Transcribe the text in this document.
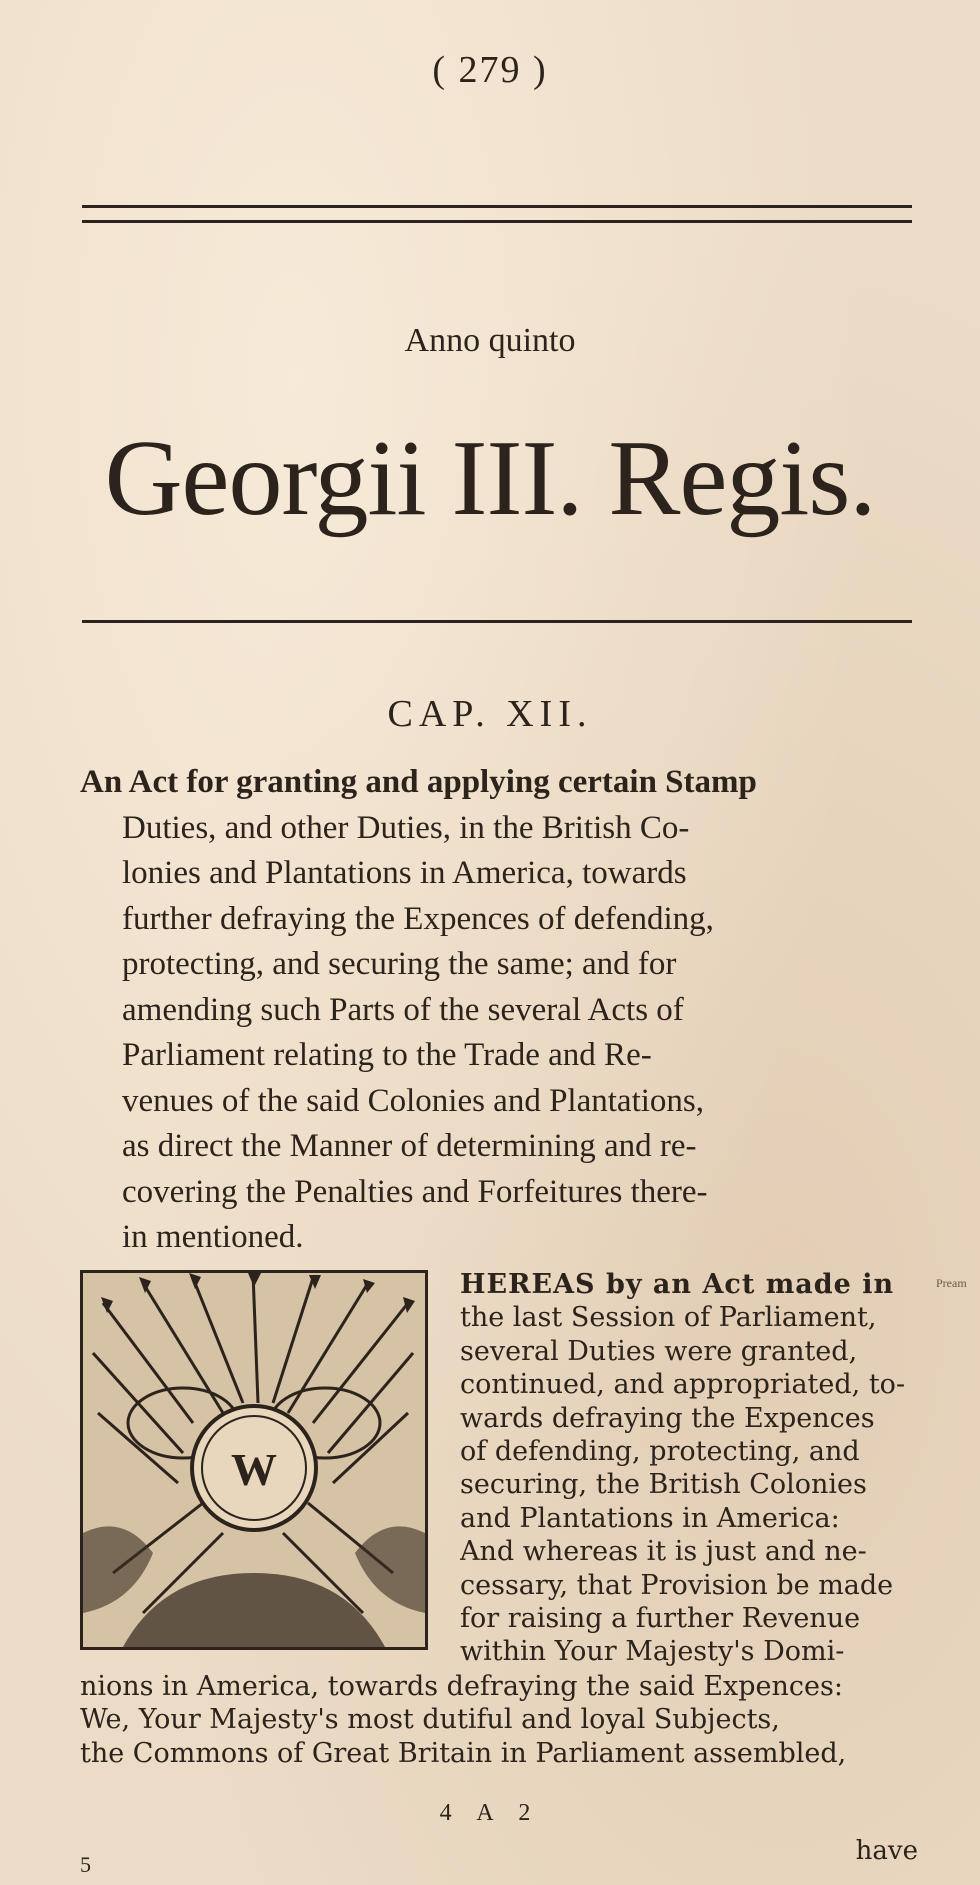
( 279 )
Anno quinto
Georgii III. Regis.
CAP. XII.
An Act for granting and applying certain Stamp
Duties, and other Duties, in the British Co-
lonies and Plantations in America, towards
further defraying the Expences of defending,
protecting, and securing the same; and for
amending such Parts of the several Acts of
Parliament relating to the Trade and Re-
venues of the said Colonies and Plantations,
as direct the Manner of determining and re-
covering the Penalties and Forfeitures there-
in mentioned.
W
HEREAS by an Act made in
the last Session of Parliament,
several Duties were granted,
continued, and appropriated, to-
wards defraying the Expences
of defending, protecting, and
securing, the British Colonies
and Plantations in America:
And whereas it is just and ne-
cessary, that Provision be made
for raising a further Revenue
within Your Majesty's Domi-
Pream
nions in America, towards defraying the said Expences:
We, Your Majesty's most dutiful and loyal Subjects,
the Commons of Great Britain in Parliament assembled,
4 A 2
have
5
